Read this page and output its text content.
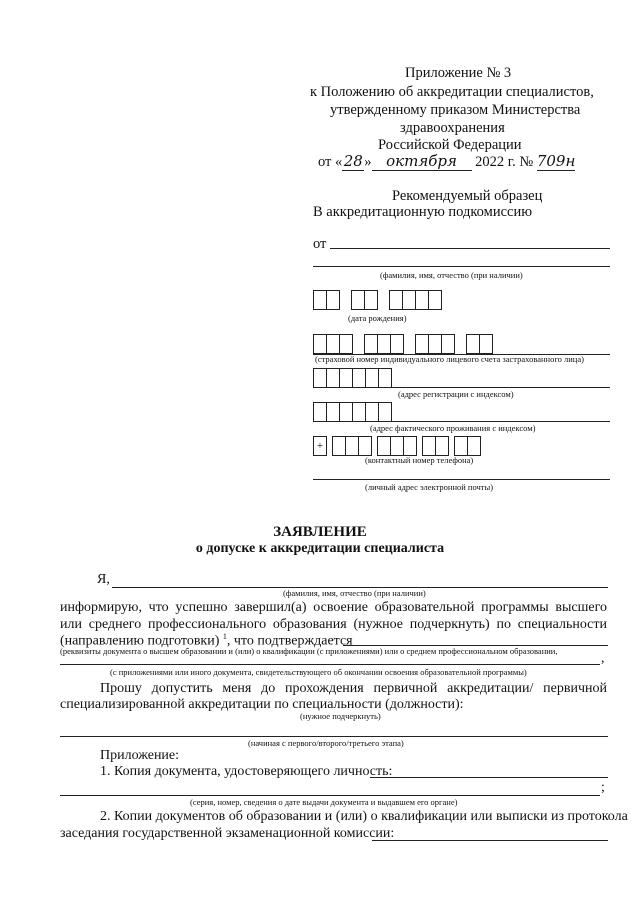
Приложение № 3
к Положению об аккредитации специалистов,
утвержденному приказом Министерства
здравоохранения
Российской Федерации
от «28» октября 2022 г. № 709н
Рекомендуемый образец
В аккредитационную подкомиссию
от
(фамилия, имя, отчество (при наличии)
(дата рождения)
(страховой номер индивидуального лицевого счета застрахованного лица)
(адрес регистрации с индексом)
(адрес фактического проживания с индексом)
+
(контактный номер телефона)
(личный адрес электронной почты)
ЗАЯВЛЕНИЕ
о допуске к аккредитации специалиста
Я,
(фамилия, имя, отчество (при наличии)
информирую, что успешно завершил(а) освоение образовательной программы высшего
или среднего профессионального образования (нужное подчеркнуть) по специальности
(направлению подготовки) $^1$, что подтверждается
(реквизиты документа о высшем образовании и (или) о квалификации (с приложениями) или о среднем профессиональном образовании,	,
(с приложениями или иного документа, свидетельствующего об окончании освоения образовательной программы)
Прошу допустить меня до прохождения первичной аккредитации/ первичной
специализированной аккредитации по специальности (должности):
(нужное подчеркнуть)
(начиная с первого/второго/третьего этапа)
Приложение:
1. Копия документа, удостоверяющего личность:
;
(серия, номер, сведения о дате выдачи документа и выдавшем его органе)
2. Копии документов об образовании и (или) о квалификации или выписки из протокола
заседания государственной экзаменационной комиссии:
